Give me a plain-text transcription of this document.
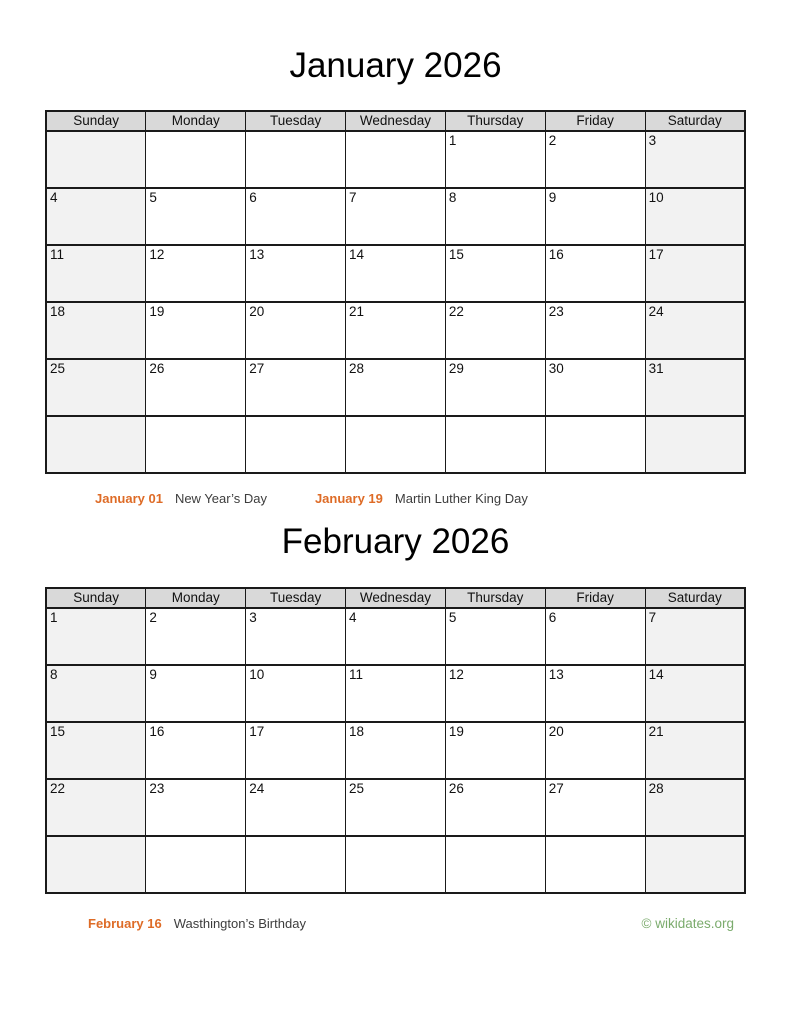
January 2026
Sunday	Monday	Tuesday	Wednesday	Thursday	Friday	Saturday
				1	2	3
4	5	6	7	8	9	10
11	12	13	14	15	16	17
18	19	20	21	22	23	24
25	26	27	28	29	30	31

January 01 New Year’s Day	January 19 Martin Luther King Day
February 2026
Sunday	Monday	Tuesday	Wednesday	Thursday	Friday	Saturday
1	2	3	4	5	6	7
8	9	10	11	12	13	14
15	16	17	18	19	20	21
22	23	24	25	26	27	28

February 16 Wasthington’s Birthday	© wikidates.org
